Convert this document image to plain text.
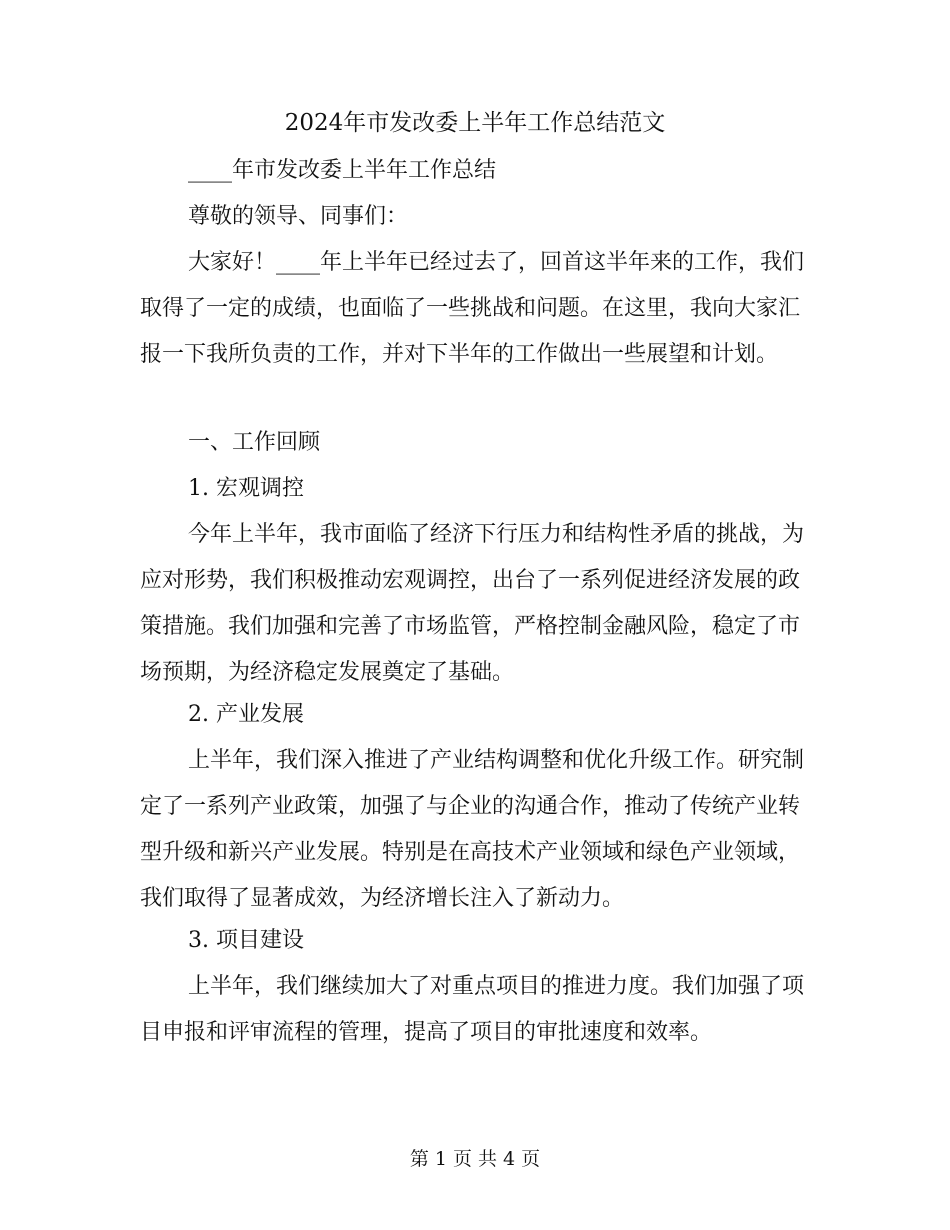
2024年市发改委上半年工作总结范文

____年市发改委上半年工作总结

尊敬的领导、同事们：

大家好！____年上半年已经过去了，回首这半年来的工作，我们取得了一定的成绩，也面临了一些挑战和问题。在这里，我向大家汇报一下我所负责的工作，并对下半年的工作做出一些展望和计划。

一、工作回顾

1. 宏观调控

今年上半年，我市面临了经济下行压力和结构性矛盾的挑战，为应对形势，我们积极推动宏观调控，出台了一系列促进经济发展的政策措施。我们加强和完善了市场监管，严格控制金融风险，稳定了市场预期，为经济稳定发展奠定了基础。

2. 产业发展

上半年，我们深入推进了产业结构调整和优化升级工作。研究制定了一系列产业政策，加强了与企业的沟通合作，推动了传统产业转型升级和新兴产业发展。特别是在高技术产业领域和绿色产业领域，我们取得了显著成效，为经济增长注入了新动力。

3. 项目建设

上半年，我们继续加大了对重点项目的推进力度。我们加强了项目申报和评审流程的管理，提高了项目的审批速度和效率。

第 1 页 共 4 页
